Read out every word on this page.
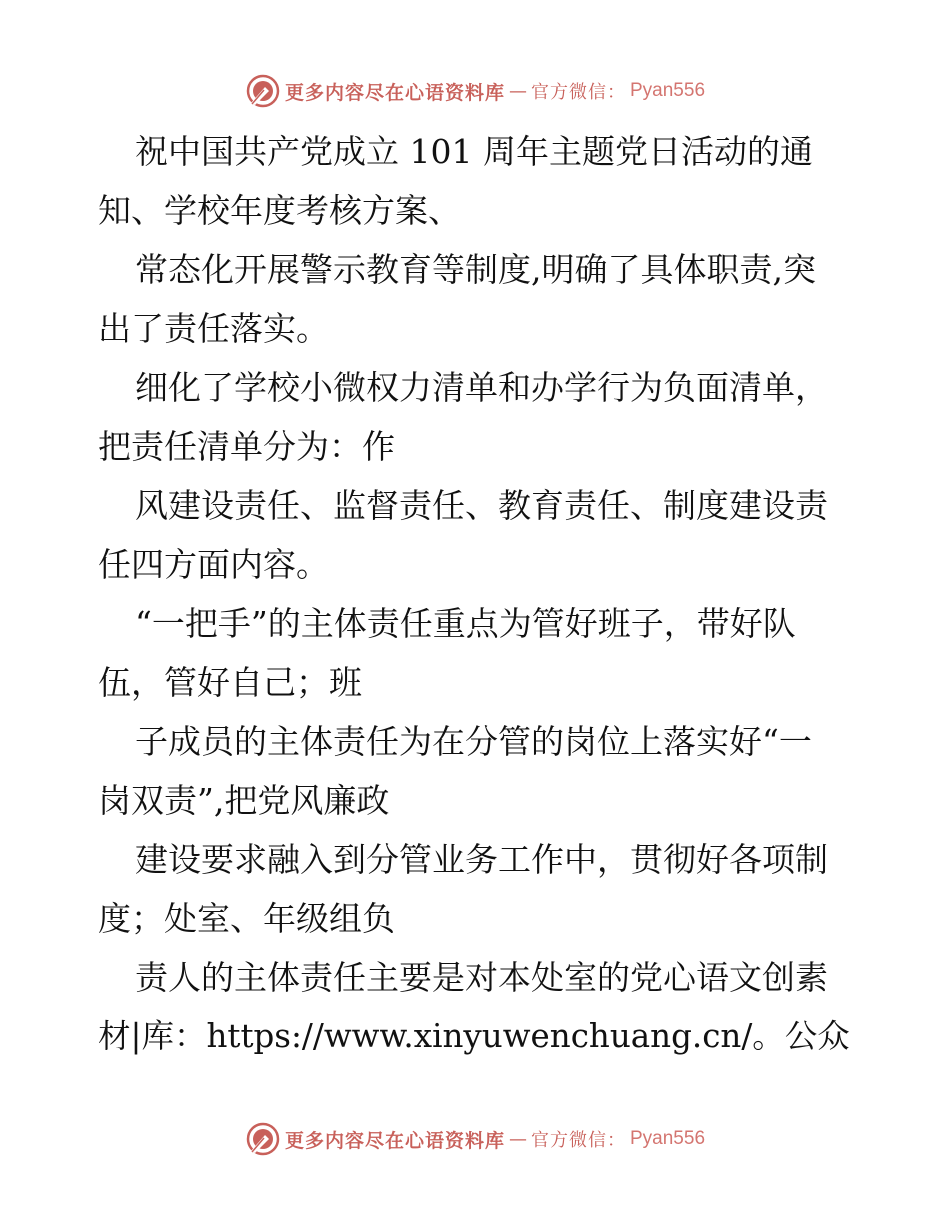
更多内容尽在心语资料库 — 官方微信： Pyan556
祝中国共产党成立 101 周年主题党日活动的通
知、学校年度考核方案、
常态化开展警示教育等制度,明确了具体职责,突
出了责任落实。
细化了学校小微权力清单和办学行为负面清单，
把责任清单分为：作
风建设责任、监督责任、教育责任、制度建设责
任四方面内容。
“一把手”的主体责任重点为管好班子，带好队
伍，管好自己；班
子成员的主体责任为在分管的岗位上落实好“一
岗双责”,把党风廉政
建设要求融入到分管业务工作中，贯彻好各项制
度；处室、年级组负
责人的主体责任主要是对本处室的党心语文创素
材|库：https://www.xinyuwenchuang.cn/。公众
更多内容尽在心语资料库 — 官方微信： Pyan556
